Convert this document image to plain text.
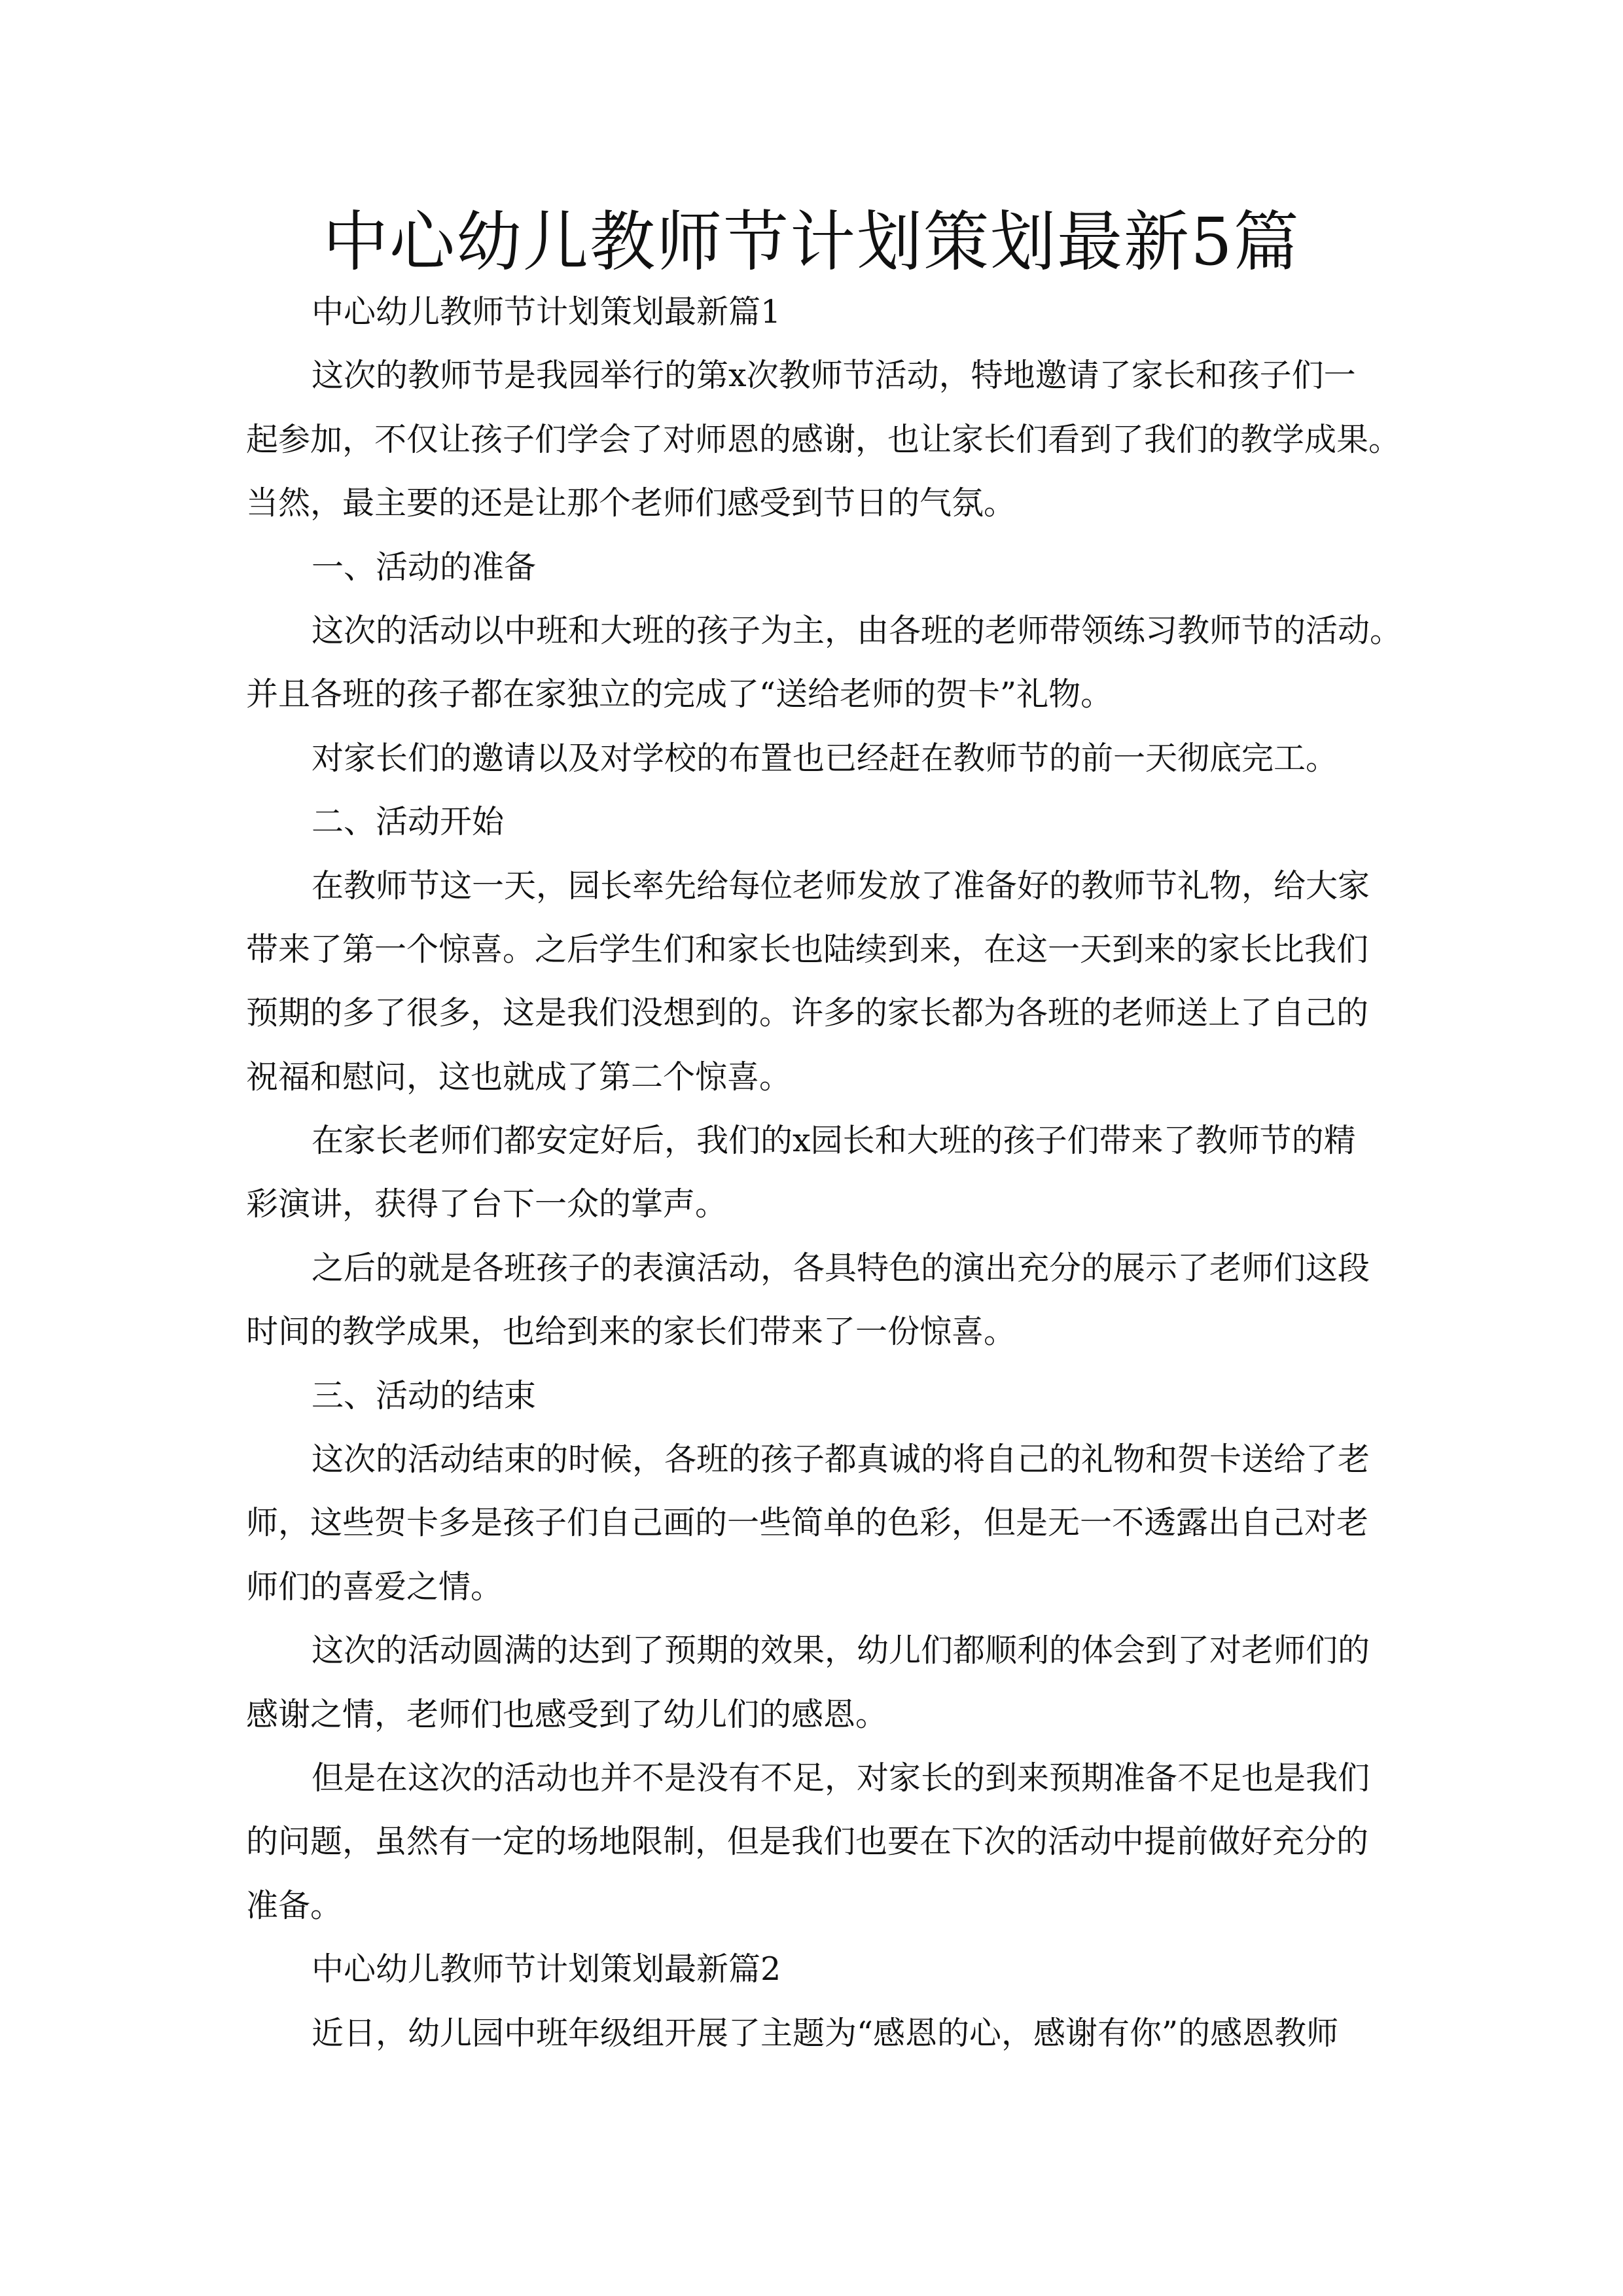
中心幼儿教师节计划策划最新5篇
中心幼儿教师节计划策划最新篇1
这次的教师节是我园举行的第x次教师节活动，特地邀请了家长和孩子们一
起参加，不仅让孩子们学会了对师恩的感谢，也让家长们看到了我们的教学成果。
当然，最主要的还是让那个老师们感受到节日的气氛。
一、活动的准备
这次的活动以中班和大班的孩子为主，由各班的老师带领练习教师节的活动。
并且各班的孩子都在家独立的完成了“送给老师的贺卡”礼物。
对家长们的邀请以及对学校的布置也已经赶在教师节的前一天彻底完工。
二、活动开始
在教师节这一天，园长率先给每位老师发放了准备好的教师节礼物，给大家
带来了第一个惊喜。之后学生们和家长也陆续到来，在这一天到来的家长比我们
预期的多了很多，这是我们没想到的。许多的家长都为各班的老师送上了自己的
祝福和慰问，这也就成了第二个惊喜。
在家长老师们都安定好后，我们的x园长和大班的孩子们带来了教师节的精
彩演讲，获得了台下一众的掌声。
之后的就是各班孩子的表演活动，各具特色的演出充分的展示了老师们这段
时间的教学成果，也给到来的家长们带来了一份惊喜。
三、活动的结束
这次的活动结束的时候，各班的孩子都真诚的将自己的礼物和贺卡送给了老
师，这些贺卡多是孩子们自己画的一些简单的色彩，但是无一不透露出自己对老
师们的喜爱之情。
这次的活动圆满的达到了预期的效果，幼儿们都顺利的体会到了对老师们的
感谢之情，老师们也感受到了幼儿们的感恩。
但是在这次的活动也并不是没有不足，对家长的到来预期准备不足也是我们
的问题，虽然有一定的场地限制，但是我们也要在下次的活动中提前做好充分的
准备。
中心幼儿教师节计划策划最新篇2
近日，幼儿园中班年级组开展了主题为“感恩的心，感谢有你”的感恩教师
